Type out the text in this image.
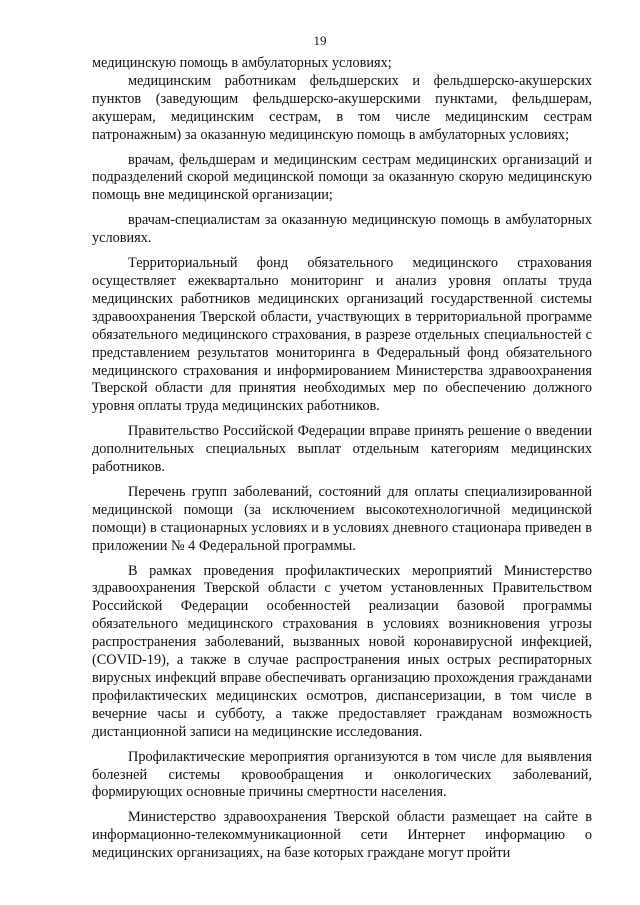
19

медицинскую помощь в амбулаторных условиях;

медицинским работникам фельдшерских и фельдшерско-акушерских пунктов (заведующим фельдшерско-акушерскими пунктами, фельдшерам, акушерам, медицинским сестрам, в том числе медицинским сестрам патронажным) за оказанную медицинскую помощь в амбулаторных условиях;

врачам, фельдшерам и медицинским сестрам медицинских организаций и подразделений скорой медицинской помощи за оказанную скорую медицинскую помощь вне медицинской организации;

врачам-специалистам за оказанную медицинскую помощь в амбулаторных условиях.

Территориальный фонд обязательного медицинского страхования осуществляет ежеквартально мониторинг и анализ уровня оплаты труда медицинских работников медицинских организаций государственной системы здравоохранения Тверской области, участвующих в территориальной программе обязательного медицинского страхования, в разрезе отдельных специальностей с представлением результатов мониторинга в Федеральный фонд обязательного медицинского страхования и информированием Министерства здравоохранения Тверской области для принятия необходимых мер по обеспечению должного уровня оплаты труда медицинских работников.

Правительство Российской Федерации вправе принять решение о введении дополнительных специальных выплат отдельным категориям медицинских работников.

Перечень групп заболеваний, состояний для оплаты специализированной медицинской помощи (за исключением высокотехнологичной медицинской помощи) в стационарных условиях и в условиях дневного стационара приведен в приложении № 4 Федеральной программы.

В рамках проведения профилактических мероприятий Министерство здравоохранения Тверской области с учетом установленных Правительством Российской Федерации особенностей реализации базовой программы обязательного медицинского страхования в условиях возникновения угрозы распространения заболеваний, вызванных новой коронавирусной инфекцией, (COVID-19), а также в случае распространения иных острых респираторных вирусных инфекций вправе обеспечивать организацию прохождения гражданами профилактических медицинских осмотров, диспансеризации, в том числе в вечерние часы и субботу, а также предоставляет гражданам возможность дистанционной записи на медицинские исследования.

Профилактические мероприятия организуются в том числе для выявления болезней системы кровообращения и онкологических заболеваний, формирующих основные причины смертности населения.

Министерство здравоохранения Тверской области размещает на сайте в информационно-телекоммуникационной сети Интернет информацию о медицинских организациях, на базе которых граждане могут пройти
